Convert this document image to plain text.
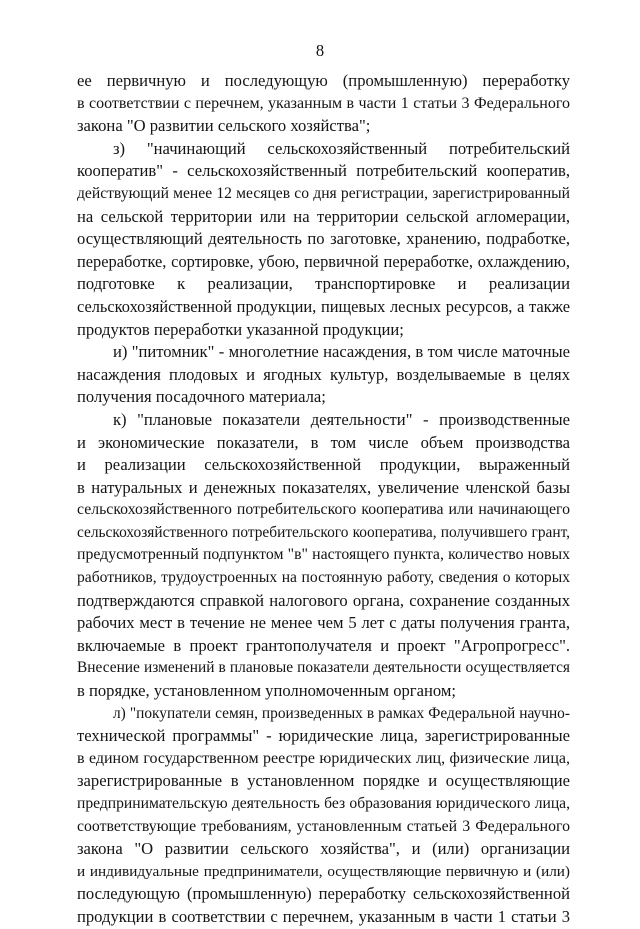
8
ее первичную и последующую (промышленную) переработку
в соответствии с перечнем, указанным в части 1 статьи 3 Федерального
закона "О развитии сельского хозяйства";
з) "начинающий сельскохозяйственный потребительский
кооператив" - сельскохозяйственный потребительский кооператив,
действующий менее 12 месяцев со дня регистрации, зарегистрированный
на сельской территории или на территории сельской агломерации,
осуществляющий деятельность по заготовке, хранению, подработке,
переработке, сортировке, убою, первичной переработке, охлаждению,
подготовке к реализации, транспортировке и реализации
сельскохозяйственной продукции, пищевых лесных ресурсов, а также
продуктов переработки указанной продукции;
и) "питомник" - многолетние насаждения, в том числе маточные
насаждения плодовых и ягодных культур, возделываемые в целях
получения посадочного материала;
к) "плановые показатели деятельности" - производственные
и экономические показатели, в том числе объем производства
и реализации сельскохозяйственной продукции, выраженный
в натуральных и денежных показателях, увеличение членской базы
сельскохозяйственного потребительского кооператива или начинающего
сельскохозяйственного потребительского кооператива, получившего грант,
предусмотренный подпунктом "в" настоящего пункта, количество новых
работников, трудоустроенных на постоянную работу, сведения о которых
подтверждаются справкой налогового органа, сохранение созданных
рабочих мест в течение не менее чем 5 лет с даты получения гранта,
включаемые в проект грантополучателя и проект "Агропрогресс".
Внесение изменений в плановые показатели деятельности осуществляется
в порядке, установленном уполномоченным органом;
л) "покупатели семян, произведенных в рамках Федеральной научно-
технической программы" - юридические лица, зарегистрированные
в едином государственном реестре юридических лиц, физические лица,
зарегистрированные в установленном порядке и осуществляющие
предпринимательскую деятельность без образования юридического лица,
соответствующие требованиям, установленным статьей 3 Федерального
закона "О развитии сельского хозяйства", и (или) организации
и индивидуальные предприниматели, осуществляющие первичную и (или)
последующую (промышленную) переработку сельскохозяйственной
продукции в соответствии с перечнем, указанным в части 1 статьи 3
